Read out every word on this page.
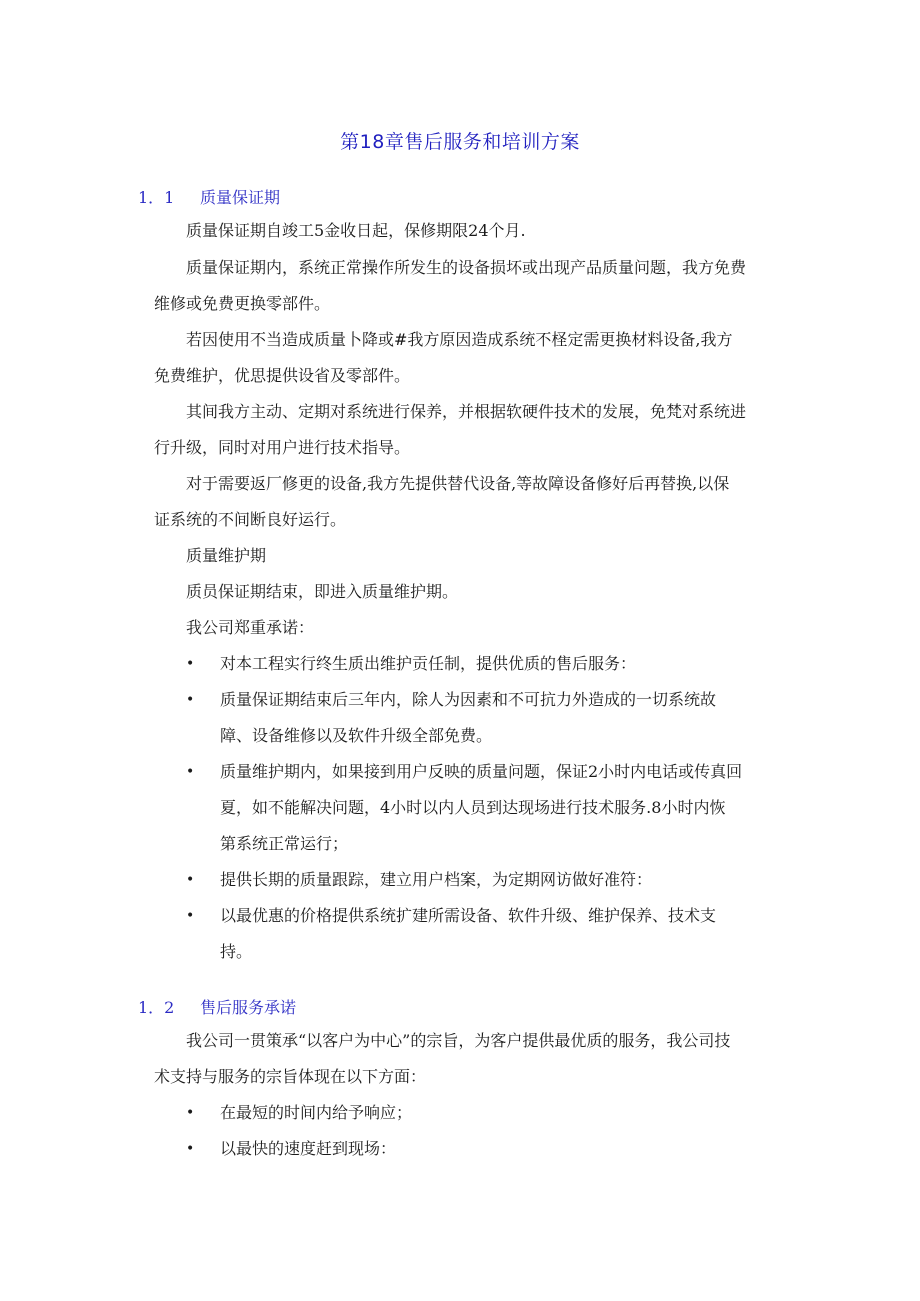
第18章售后服务和培训方案
1．1 质量保证期
质量保证期自竣工5金收日起，保修期限24个月.
质量保证期内，系统正常操作所发生的设备损坏或出现产品质量问题，我方免费
维修或免费更换零部件。
若因使用不当造成质量卜降或#我方原因造成系统不柽定需更换材料设备,我方
免费维护，优思提供设省及零部件。
其间我方主动、定期对系统进行保养，并根据软硬件技术的发展，免梵对系统进
行升级，同时对用户进行技术指导。
对于需要返厂修更的设备,我方先提供替代设备,等故障设备修好后再替换,以保
证系统的不间断良好运行。
质量维护期
质员保证期结束，即进入质量维护期。
我公司郑重承诺：
• 对本工程实行终生质出维护贡任制，提供优质的售后服务：
• 质量保证期结束后三年内，除人为因素和不可抗力外造成的一切系统故
障、设备维修以及软件升级全部免费。
• 质量维护期内，如果接到用户反映的质量问题，保证2小时内电话或传真回
夏，如不能解决问题，4小时以内人员到达现场进行技术服务.8小时内恢
第系统正常运行；
• 提供长期的质量跟踪，建立用户档案，为定期网访做好准符：
• 以最优惠的价格提供系统扩建所需设备、软件升级、维护保养、技术支
持。
1．2 售后服务承诺
我公司一贯策承“以客户为中心”的宗旨，为客户提供最优质的服务，我公司技
术支持与服务的宗旨体现在以下方面：
• 在最短的时间内给予响应；
• 以最快的速度赶到现场：
